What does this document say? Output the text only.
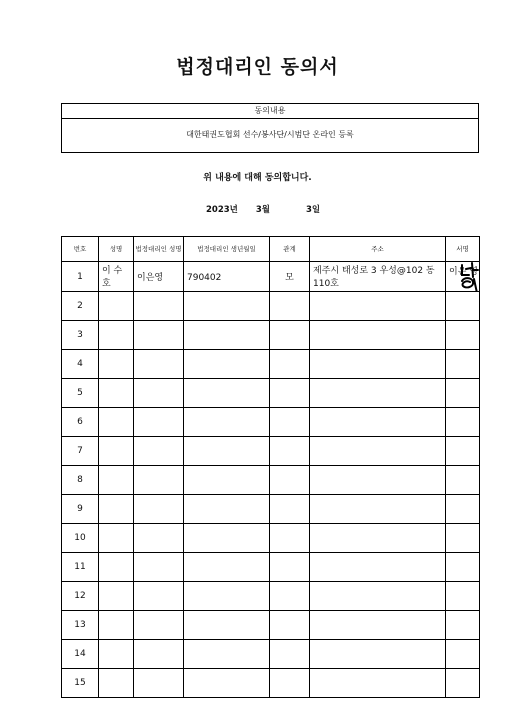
법정대리인 동의서
동의내용
대한태권도협회 선수/봉사단/시범단 온라인 등록
위 내용에 대해 동의합니다.
2023년 3월	3일
번호	성명	법정대리인 성명	법정대리인 생년월일	관계	주소	서명
1	이 수 호	이은영	790402	모	제주시 태성로 3 우성@102 동110호	이은 영

2						
3						
4						
5						
6						
7						
8						
9						
10						
11						
12						
13						
14						
15						
